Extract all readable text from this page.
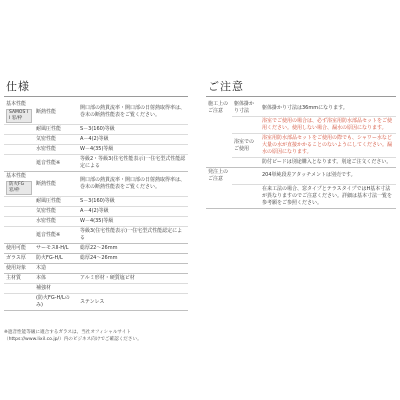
仕様
基本性能
SAMOS II 窓/枠	断熱性能	開口部の熱貫流率・開口部の日射熱取得率は、巻末の断熱性能表をご覧ください。
	耐風圧性能	S－3(160)等級
	気密性能	A－4(2)等級
	水密性能	W－4(35)等級
	遮音性能※	等級2・等級3(住宅性能表示)一住宅型式性能認定による
基本性能
防火FG 窓/枠	断熱性能	開口部の熱貫流率・開口部の日射熱取得率は、巻末の断熱性能表をご覧ください。
	耐風圧性能	S－3(160)等級
	気密性能	A－4(2)等級
	水密性能	W－4(35)等級
	遮音性能※	等級3(住宅性能表示)一住宅型式性能認定による
使用可能	サーモスⅡ-H/L	総厚22～26mm
ガラス厚	防火FG-H/L	総厚24～26mm
使用対象	木造	
主材質	本体	アルミ形材・硬質塩ビ材
	補強材	
	(防火FG-H/Lのみ)	ステンレス
※遮音性能等級に適合するガラスは、当社オフィシャルサイト
（https://www.lixil.co.jp/）内のビジネス向けでご確認ください。
ご注意
施工上の
ご注意	躯体掛かり寸法	躯体掛かり寸法は36mmになります。
		浴室でご使用の場合は、必ず浴室用防水部品セットをご使用ください。使用しない場合、漏水の原因になります。
	浴室での
ご使用	浴室用防水部品セットをご使用の際でも、シャワー水など大量の水が直接かかることのないようにしてください。漏水の原因になります。
		防付ビードは別途購入となります。別途ご注文ください。
発注上の
ご注意		204単純段差アタッチメントは別売です。
		在来工法の場合、窓タイプとテラスタイプではH基本寸法が異なりますのでご注意ください。詳細は基本寸法一覧を参考願をご参照ください。
